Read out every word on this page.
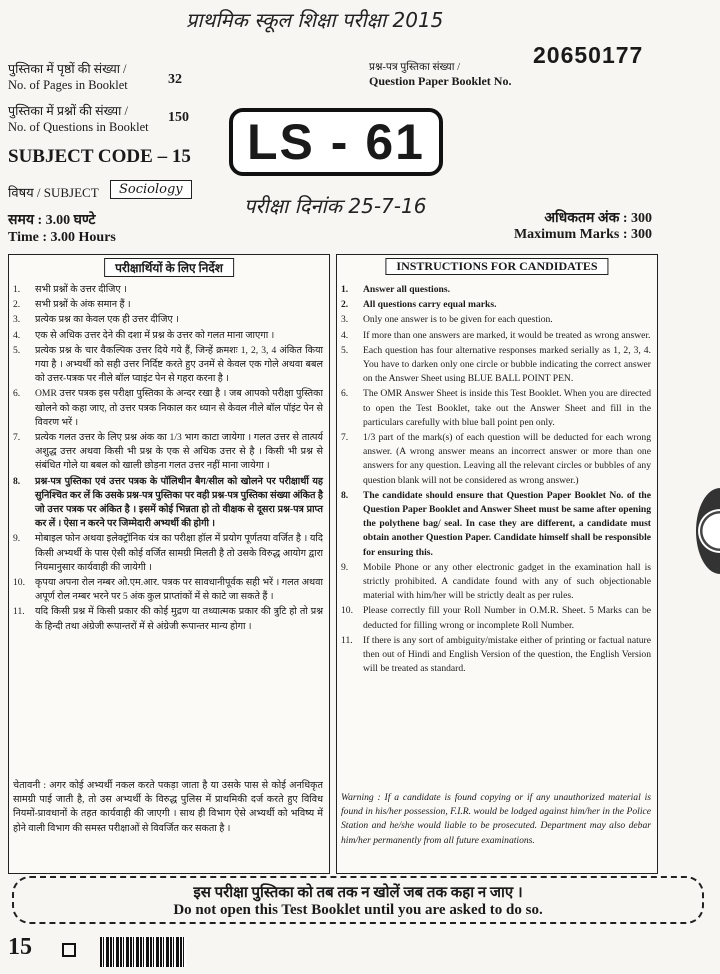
प्राथमिक स्कूल शिक्षा परीक्षा 2015
20650177
प्रश्न-पत्र पुस्तिका संख्या /
Question Paper Booklet No.
पुस्तिका में पृष्ठों की संख्या /
No. of Pages in Booklet	32
पुस्तिका में प्रश्नों की संख्या /
No. of Questions in Booklet
150	LS - 61
SUBJECT CODE – 15
विषय / SUBJECT	Sociology
परीक्षा दिनांक 25-7-16
समय : 3.00 घण्टे
Time : 3.00 Hours
अधिकतम अंक : 300
Maximum Marks : 300
परीक्षार्थियों के लिए निर्देश
1. सभी प्रश्नों के उत्तर दीजिए ।
2. सभी प्रश्नों के अंक समान हैं ।
3. प्रत्येक प्रश्न का केवल एक ही उत्तर दीजिए ।
4. एक से अधिक उत्तर देने की दशा में प्रश्न के उत्तर को गलत माना जाएगा ।
5. प्रत्येक प्रश्न के चार वैकल्पिक उत्तर दिये गये हैं, जिन्हें क्रमशः 1, 2, 3, 4 अंकित किया गया है । अभ्यर्थी को सही उत्तर निर्दिष्ट करते हुए उनमें से केवल एक गोले अथवा बबल को उत्तर-पत्रक पर नीले बॉल प्वाइंट पेन से गहरा करना है ।
6. OMR उत्तर पत्रक इस परीक्षा पुस्तिका के अन्दर रखा है । जब आपको परीक्षा पुस्तिका खोलने को कहा जाए, तो उत्तर पत्रक निकाल कर ध्यान से केवल नीले बॉल पॉइंट पेन से विवरण भरें ।
7. प्रत्येक गलत उत्तर के लिए प्रश्न अंक का 1/3 भाग काटा जायेगा । गलत उत्तर से तात्पर्य अशुद्ध उत्तर अथवा किसी भी प्रश्न के एक से अधिक उत्तर से है । किसी भी प्रश्न से संबंधित गोले या बबल को खाली छोड़ना गलत उत्तर नहीं माना जायेगा ।
8. प्रश्न-पत्र पुस्तिका एवं उत्तर पत्रक के पॉलिथीन बैग/सील को खोलने पर परीक्षार्थी यह सुनिश्चित कर लें कि उसके प्रश्न-पत्र पुस्तिका पर वही प्रश्न-पत्र पुस्तिका संख्या अंकित है जो उत्तर पत्रक पर अंकित है । इसमें कोई भिन्नता हो तो वीक्षक से दूसरा प्रश्न-पत्र प्राप्त कर लें । ऐसा न करने पर जिम्मेदारी अभ्यर्थी की होगी ।
9. मोबाइल फोन अथवा इलेक्ट्रॉनिक यंत्र का परीक्षा हॉल में प्रयोग पूर्णतया वर्जित है । यदि किसी अभ्यर्थी के पास ऐसी कोई वर्जित सामग्री मिलती है तो उसके विरुद्ध आयोग द्वारा नियमानुसार कार्यवाही की जायेगी ।
10. कृपया अपना रोल नम्बर ओ.एम.आर. पत्रक पर सावधानीपूर्वक सही भरें । गलत अथवा अपूर्ण रोल नम्बर भरने पर 5 अंक कुल प्राप्तांकों में से काटे जा सकते हैं ।
11. यदि किसी प्रश्न में किसी प्रकार की कोई मुद्रण या तथ्यात्मक प्रकार की त्रुटि हो तो प्रश्न के हिन्दी तथा अंग्रेजी रूपान्तरों में से अंग्रेजी रूपान्तर मान्य होगा ।
चेतावनी : अगर कोई अभ्यर्थी नकल करते पकड़ा जाता है या उसके पास से कोई अनधिकृत सामग्री पाई जाती है, तो उस अभ्यर्थी के विरुद्ध पुलिस में प्राथमिकी दर्ज करते हुए विविध नियमों-प्रावधानों के तहत कार्यवाही की जाएगी । साथ ही विभाग ऐसे अभ्यर्थी को भविष्य में होने वाली विभाग की समस्त परीक्षाओं से विवर्जित कर सकता है ।
INSTRUCTIONS FOR CANDIDATES
1. Answer all questions.
2. All questions carry equal marks.
3. Only one answer is to be given for each question.
4. If more than one answers are marked, it would be treated as wrong answer.
5. Each question has four alternative responses marked serially as 1, 2, 3, 4. You have to darken only one circle or bubble indicating the correct answer on the Answer Sheet using BLUE BALL POINT PEN.
6. The OMR Answer Sheet is inside this Test Booklet. When you are directed to open the Test Booklet, take out the Answer Sheet and fill in the particulars carefully with blue ball point pen only.
7. 1/3 part of the mark(s) of each question will be deducted for each wrong answer. (A wrong answer means an incorrect answer or more than one answers for any question. Leaving all the relevant circles or bubbles of any question blank will not be considered as wrong answer.)
8. The candidate should ensure that Question Paper Booklet No. of the Question Paper Booklet and Answer Sheet must be same after opening the polythene bag/ seal. In case they are different, a candidate must obtain another Question Paper. Candidate himself shall be responsible for ensuring this.
9. Mobile Phone or any other electronic gadget in the examination hall is strictly prohibited. A candidate found with any of such objectionable material with him/her will be strictly dealt as per rules.
10. Please correctly fill your Roll Number in O.M.R. Sheet. 5 Marks can be deducted for filling wrong or incomplete Roll Number.
11. If there is any sort of ambiguity/mistake either of printing or factual nature then out of Hindi and English Version of the question, the English Version will be treated as standard.
Warning : If a candidate is found copying or if any unauthorized material is found in his/her possession, F.I.R. would be lodged against him/her in the Police Station and he/she would liable to be prosecuted. Department may also debar him/her permanently from all future examinations.
इस परीक्षा पुस्तिका को तब तक न खोलें जब तक कहा न जाए ।
Do not open this Test Booklet until you are asked to do so.
15
